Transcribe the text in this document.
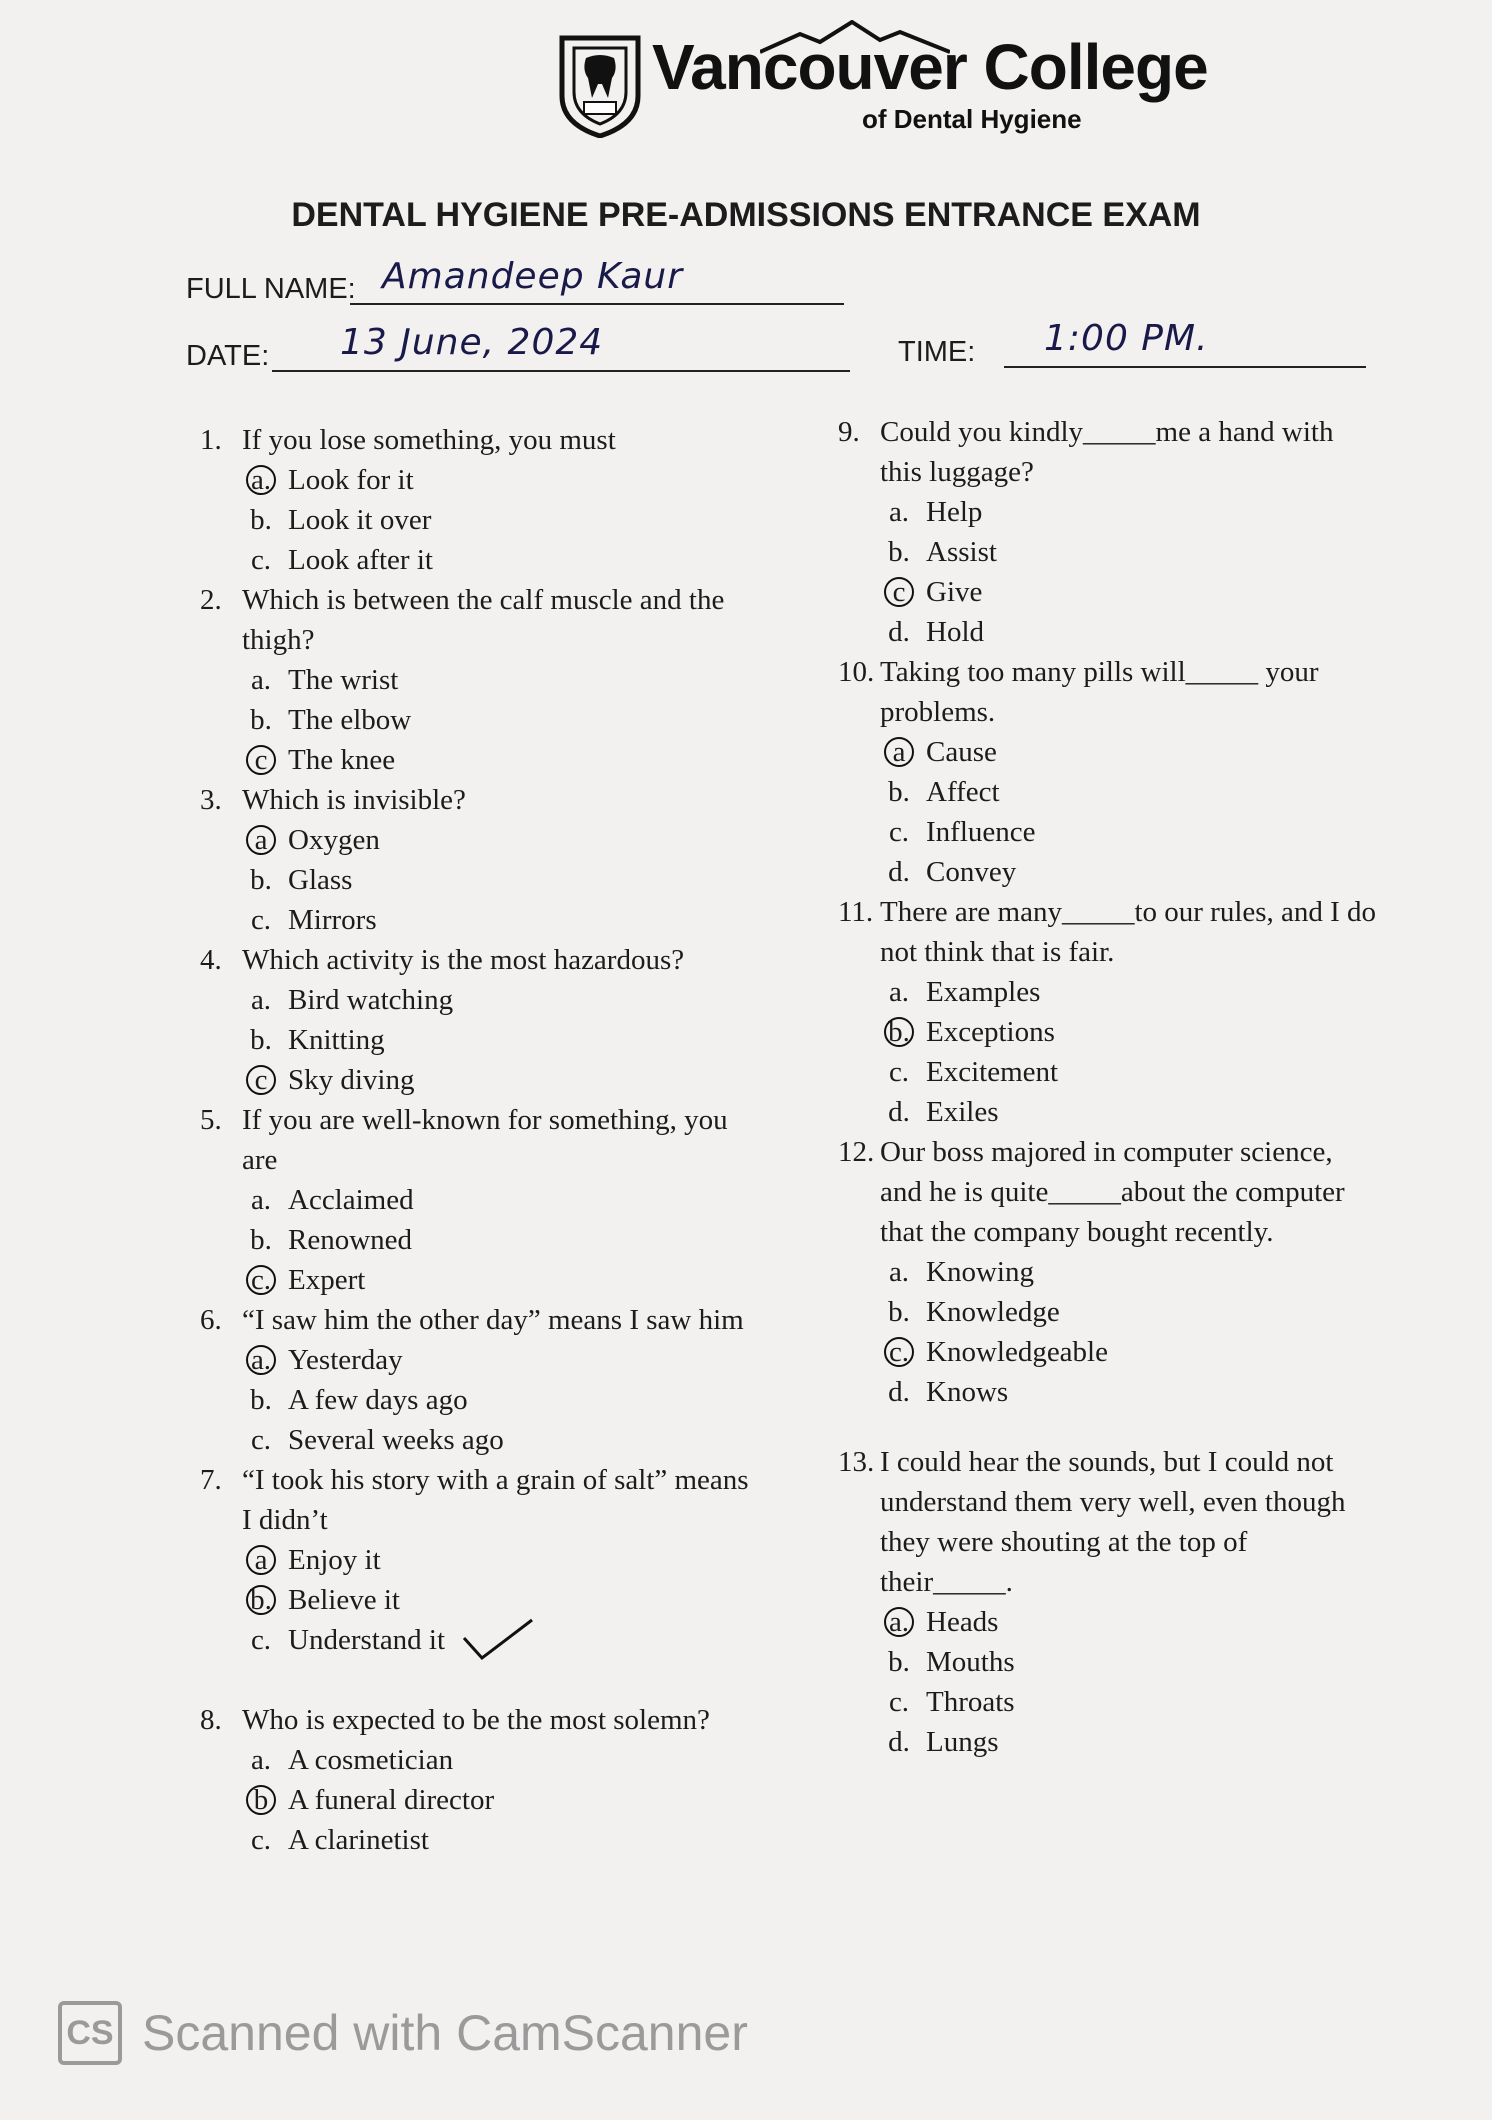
Vancouver College
of Dental Hygiene
DENTAL HYGIENE PRE-ADMISSIONS ENTRANCE EXAM
FULL NAME: Amandeep Kaur
DATE: 13 June, 2024	TIME: 1:00 PM.
1. If you lose something, you must
a. Look for it
b. Look it over
c. Look after it
2. Which is between the calf muscle and the thigh?
a. The wrist
b. The elbow
c The knee
3. Which is invisible?
a Oxygen
b. Glass
c. Mirrors
4. Which activity is the most hazardous?
a. Bird watching
b. Knitting
c Sky diving
5. If you are well-known for something, you are
a. Acclaimed
b. Renowned
c. Expert
6. “I saw him the other day” means I saw him
a. Yesterday
b. A few days ago
c. Several weeks ago
7. “I took his story with a grain of salt” means I didn’t
a Enjoy it
b. Believe it
c. Understand it
8. Who is expected to be the most solemn?
a. A cosmetician
b A funeral director
c. A clarinetist
9. Could you kindly_____me a hand with this luggage?
a. Help
b. Assist
c Give
d. Hold
10. Taking too many pills will_____ your problems.
a Cause
b. Affect
c. Influence
d. Convey
11. There are many_____to our rules, and I do not think that is fair.
a. Examples
b. Exceptions
c. Excitement
d. Exiles
12. Our boss majored in computer science, and he is quite_____about the computer that the company bought recently.
a. Knowing
b. Knowledge
c. Knowledgeable
d. Knows
13. I could hear the sounds, but I could not understand them very well, even though they were shouting at the top of their_____.
a. Heads
b. Mouths
c. Throats
d. Lungs
CS Scanned with CamScanner
